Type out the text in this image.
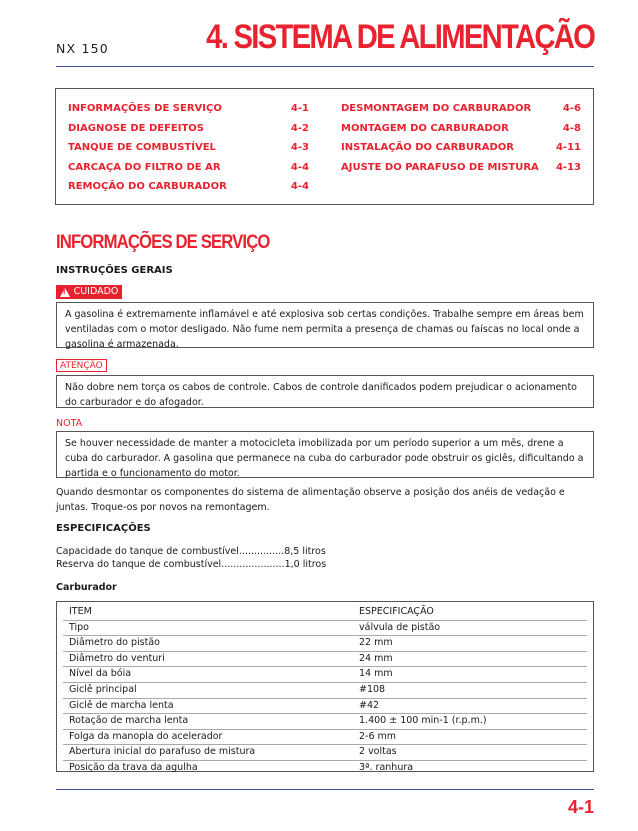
NX 150	4. SISTEMA DE ALIMENTAÇÃO
INFORMAÇÕES DE SERVIÇO	4-1
DIAGNOSE DE DEFEITOS	4-2
TANQUE DE COMBUSTÍVEL	4-3
CARCAÇA DO FILTRO DE AR	4-4
REMOÇÃO DO CARBURADOR	4-4
DESMONTAGEM DO CARBURADOR	4-6
MONTAGEM DO CARBURADOR	4-8
INSTALAÇÃO DO CARBURADOR	4-11
AJUSTE DO PARAFUSO DE MISTURA 4-13
INFORMAÇÕES DE SERVIÇO
INSTRUÇÕES GERAIS
!
CUIDADO
A gasolina é extremamente inflamável e até explosiva sob certas condições. Trabalhe sempre em áreas bem ventiladas com o motor desligado. Não fume nem permita a presença de chamas ou faíscas no local onde a gasolina é armazenada.
ATENÇÃO
Não dobre nem torça os cabos de controle. Cabos de controle danificados podem prejudicar o acionamento do carburador e do afogador.
NOTA
Se houver necessidade de manter a motocicleta imobilizada por um período superior a um mês, drene a cuba do carburador. A gasolina que permanece na cuba do carburador pode obstruir os giclês, dificultando a partida e o funcionamento do motor.
Quando desmontar os componentes do sistema de alimentação observe a posição dos anéis de vedação e juntas. Troque-os por novos na remontagem.
ESPECIFICAÇÕES
Capacidade do tanque de combustível...............8,5 litros
Reserva do tanque de combustível.....................1,0 litros
Carburador
ITEM	ESPECIFICAÇÃO
Tipo	válvula de pistão
Diâmetro do pistão	22 mm
Diâmetro do venturi	24 mm
Nível da bóia	14 mm
Giclê principal	#108
Giclê de marcha lenta	#42
Rotação de marcha lenta	1.400 ± 100 min-1 (r.p.m.)
Folga da manopla do acelerador	2-6 mm
Abertura inicial do parafuso de mistura	2 voltas
Posição da trava da agulha	3ª. ranhura
4-1
